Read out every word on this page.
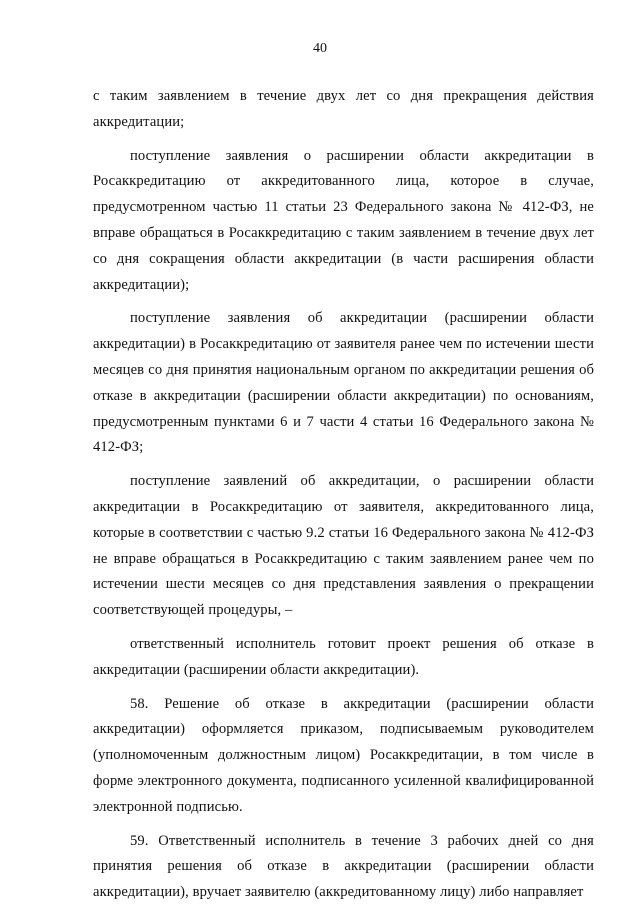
40

с таким заявлением в течение двух лет со дня прекращения действия аккредитации;

поступление заявления о расширении области аккредитации в Росаккредитацию от аккредитованного лица, которое в случае, предусмотренном частью 11 статьи 23 Федерального закона № 412-ФЗ, не вправе обращаться в Росаккредитацию с таким заявлением в течение двух лет со дня сокращения области аккредитации (в части расширения области аккредитации);

поступление заявления об аккредитации (расширении области аккредитации) в Росаккредитацию от заявителя ранее чем по истечении шести месяцев со дня принятия национальным органом по аккредитации решения об отказе в аккредитации (расширении области аккредитации) по основаниям, предусмотренным пунктами 6 и 7 части 4 статьи 16 Федерального закона № 412-ФЗ;

поступление заявлений об аккредитации, о расширении области аккредитации в Росаккредитацию от заявителя, аккредитованного лица, которые в соответствии с частью 9.2 статьи 16 Федерального закона № 412-ФЗ не вправе обращаться в Росаккредитацию с таким заявлением ранее чем по истечении шести месяцев со дня представления заявления о прекращении соответствующей процедуры, –

ответственный исполнитель готовит проект решения об отказе в аккредитации (расширении области аккредитации).

58. Решение об отказе в аккредитации (расширении области аккредитации) оформляется приказом, подписываемым руководителем (уполномоченным должностным лицом) Росаккредитации, в том числе в форме электронного документа, подписанного усиленной квалифицированной электронной подписью.

59. Ответственный исполнитель в течение 3 рабочих дней со дня принятия решения об отказе в аккредитации (расширении области аккредитации), вручает заявителю (аккредитованному лицу) либо направляет
